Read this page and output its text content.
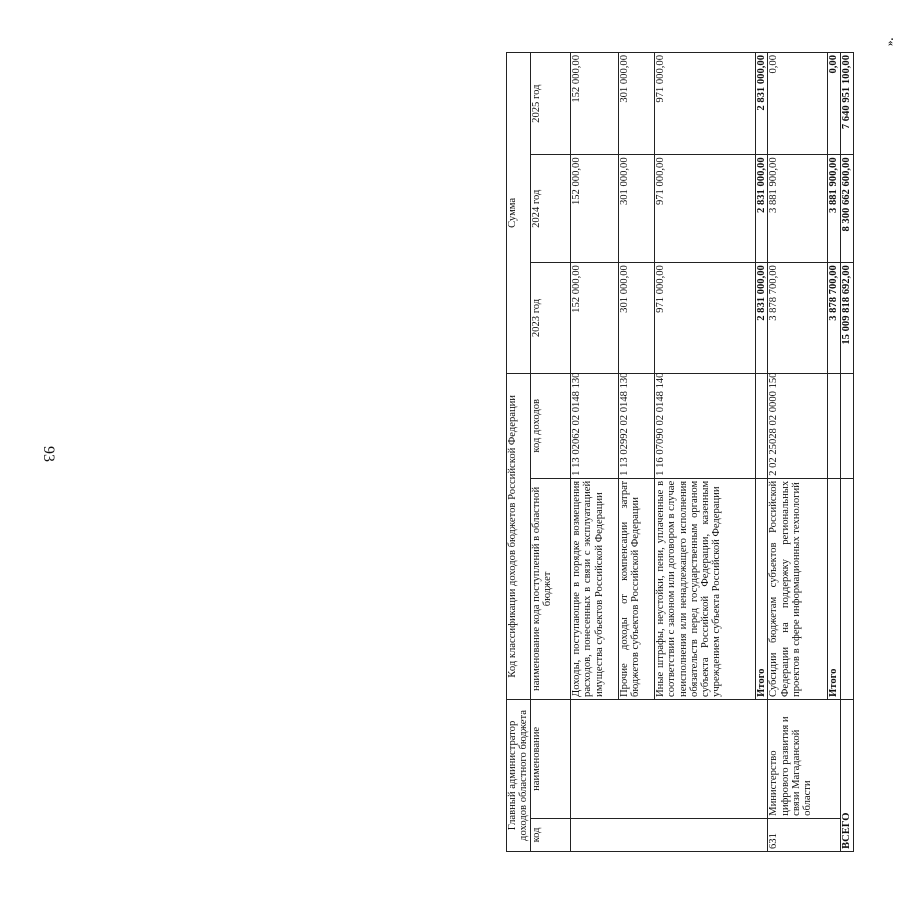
93
Главный администратор доходов областного бюджета		Код классификации доходов бюджетов Российской Федерации		Сумма		
код	наименование	наименование кода поступлений в областной бюджет	код доходов	2023 год	2024 год	2025 год
		Доходы, поступающие в порядке возмещения расходов, понесенных в связи с эксплуатацией имущества субъектов Российской Федерации	1 13 02062 02 0148 130	152 000,00	152 000,00	152 000,00
		Прочие доходы от компенсации затрат бюджетов субъектов Российской Федерации	1 13 02992 02 0148 130	301 000,00	301 000,00	301 000,00
		Иные штрафы, неустойки, пени, уплаченные в соответствии с законом или договором в случае неисполнения или ненадлежащего исполнения обязательств перед государственным органом субъекта Российской Федерации, казенным учреждением субъекта Российской Федерации	1 16 07090 02 0148 140	971 000,00	971 000,00	971 000,00
		Итого		2 831 000,00	2 831 000,00	2 831 000,00
631	Министерство цифрового развития и связи Магаданской области	Субсидии бюджетам субъектов Российской Федерации на поддержку региональных проектов в сфере информационных технологий	2 02 25028 02 0000 150	3 878 700,00	3 881 900,00	0,00
		Итого		3 878 700,00	3 881 900,00	0,00
ВСЕГО				15 009 818 692,00	8 300 662 600,00	7 640 951 100,00
».
